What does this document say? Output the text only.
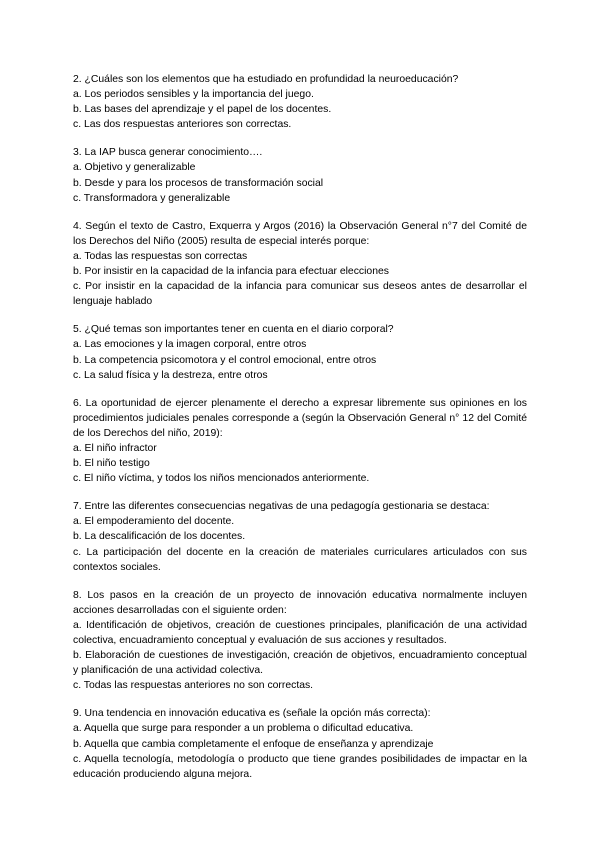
2. ¿Cuáles son los elementos que ha estudiado en profundidad la neuroeducación?

a. Los periodos sensibles y la importancia del juego.

b. Las bases del aprendizaje y el papel de los docentes.

c. Las dos respuestas anteriores son correctas.

3. La IAP busca generar conocimiento….

a. Objetivo y generalizable

b. Desde y para los procesos de transformación social

c. Transformadora y generalizable

4. Según el texto de Castro, Exquerra y Argos (2016) la Observación General n°7 del Comité de los Derechos del Niño (2005) resulta de especial interés porque:

a. Todas las respuestas son correctas

b. Por insistir en la capacidad de la infancia para efectuar elecciones

c. Por insistir en la capacidad de la infancia para comunicar sus deseos antes de desarrollar el lenguaje hablado

5. ¿Qué temas son importantes tener en cuenta en el diario corporal?

a. Las emociones y la imagen corporal, entre otros

b. La competencia psicomotora y el control emocional, entre otros

c. La salud física y la destreza, entre otros

6. La oportunidad de ejercer plenamente el derecho a expresar libremente sus opiniones en los procedimientos judiciales penales corresponde a (según la Observación General n° 12 del Comité de los Derechos del niño, 2019):

a. El niño infractor

b. El niño testigo

c. El niño víctima, y todos los niños mencionados anteriormente.

7. Entre las diferentes consecuencias negativas de una pedagogía gestionaria se destaca:

a. El empoderamiento del docente.

b. La descalificación de los docentes.

c. La participación del docente en la creación de materiales curriculares articulados con sus contextos sociales.

8. Los pasos en la creación de un proyecto de innovación educativa normalmente incluyen acciones desarrolladas con el siguiente orden:

a. Identificación de objetivos, creación de cuestiones principales, planificación de una actividad colectiva, encuadramiento conceptual y evaluación de sus acciones y resultados.

b. Elaboración de cuestiones de investigación, creación de objetivos, encuadramiento conceptual y planificación de una actividad colectiva.

c. Todas las respuestas anteriores no son correctas.

9. Una tendencia en innovación educativa es (señale la opción más correcta):

a. Aquella que surge para responder a un problema o dificultad educativa.

b. Aquella que cambia completamente el enfoque de enseñanza y aprendizaje

c. Aquella tecnología, metodología o producto que tiene grandes posibilidades de impactar en la educación produciendo alguna mejora.
